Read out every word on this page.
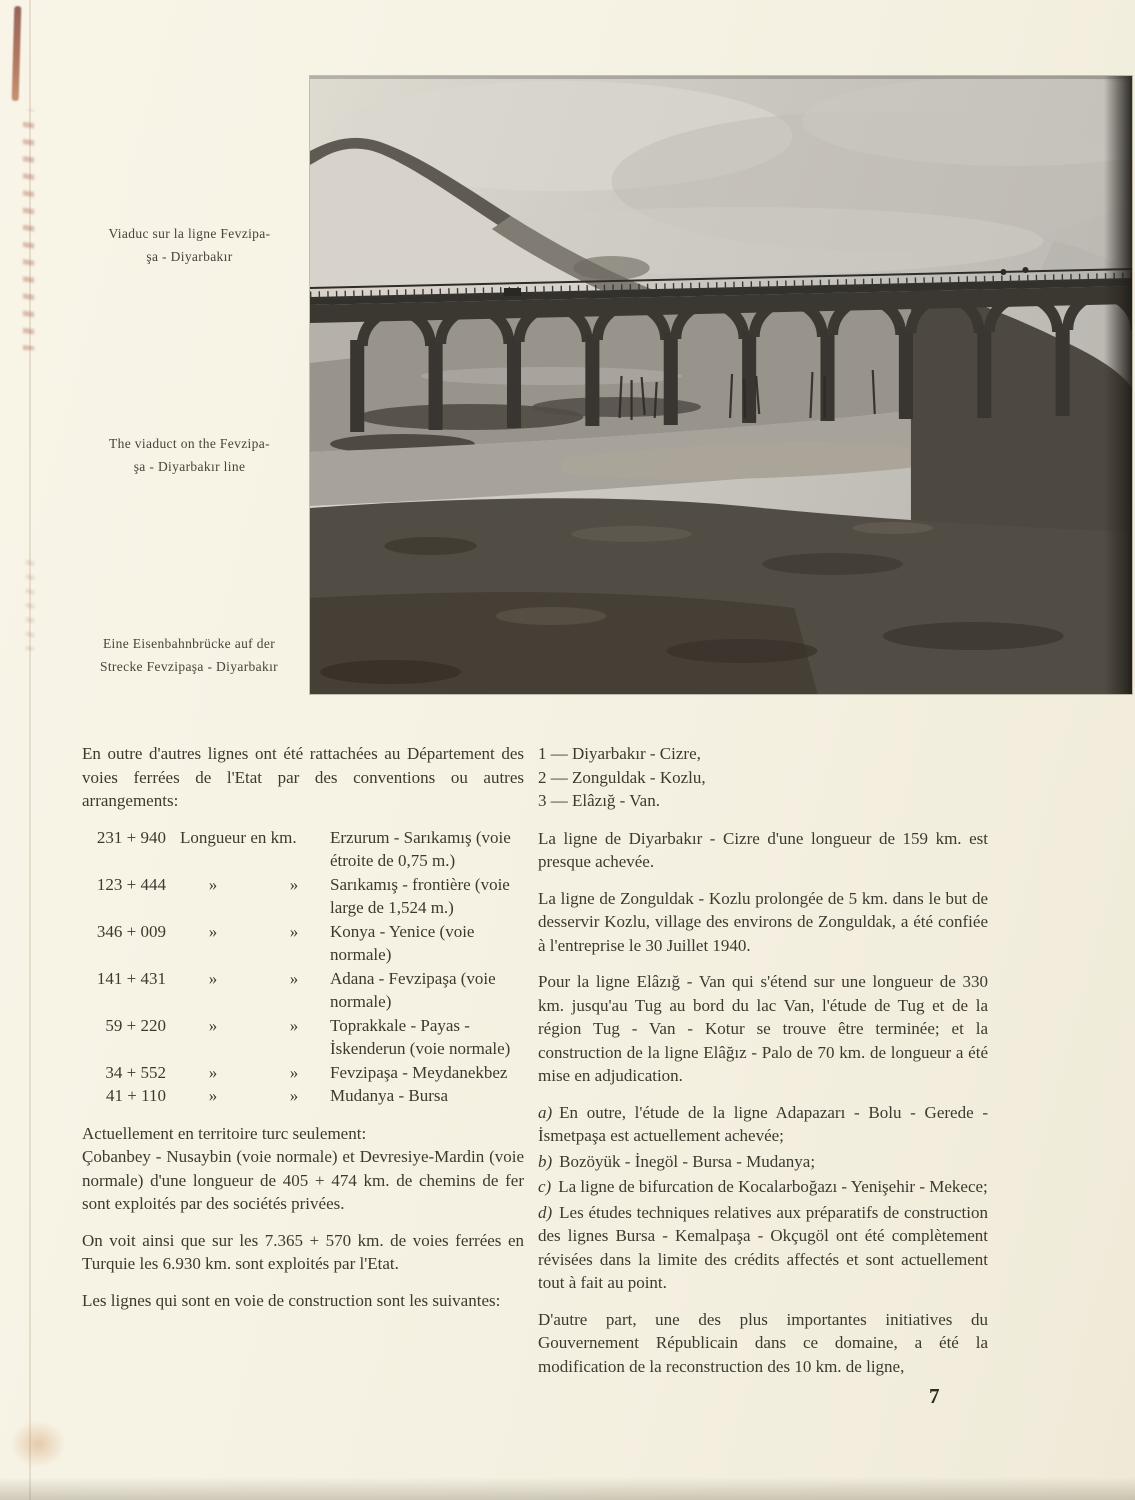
Viaduc sur la ligne Fevzipa-
şa - Diyarbakır
The viaduct on the Fevzipa-
şa - Diyarbakır line
Eine Eisenbahnbrücke auf der
Strecke Fevzipaşa - Diyarbakır

En outre d'autres lignes ont été rattachées au Département des voies ferrées de l'Etat par des conventions ou autres arrangements:

231 + 940 Longueur en km.	Erzurum - Sarıkamış (voie étroite de 0,75 m.)
123 + 444	»	»	Sarıkamış - frontière (voie large de 1,524 m.)
346 + 009	»	»	Konya - Yenice (voie normale)
141 + 431	»	»	Adana - Fevzipaşa (voie normale)
59 + 220	»	»	Toprakkale - Payas - İskenderun (voie normale)
34 + 552	»	»	Fevzipaşa - Meydanekbez
41 + 110	»	»	Mudanya - Bursa

Actuellement en territoire turc seulement:

Çobanbey - Nusaybin (voie normale) et Devresiye-Mardin (voie normale) d'une longueur de 405 + 474 km. de chemins de fer sont exploités par des sociétés privées.

On voit ainsi que sur les 7.365 + 570 km. de voies ferrées en Turquie les 6.930 km. sont exploités par l'Etat.

Les lignes qui sont en voie de construction sont les suivantes:

1 — Diyarbakır - Cizre,
2 — Zonguldak - Kozlu,
3 — Elâzığ - Van.

La ligne de Diyarbakır - Cizre d'une longueur de 159 km. est presque achevée.

La ligne de Zonguldak - Kozlu prolongée de 5 km. dans le but de desservir Kozlu, village des environs de Zonguldak, a été confiée à l'entreprise le 30 Juillet 1940.

Pour la ligne Elâzığ - Van qui s'étend sur une longueur de 330 km. jusqu'au Tug au bord du lac Van, l'étude de Tug et de la région Tug - Van - Kotur se trouve être terminée; et la construction de la ligne Elâğız - Palo de 70 km. de longueur a été mise en adjudication.

a) En outre, l'étude de la ligne Adapazarı - Bolu - Gerede - İsmetpaşa est actuellement achevée;

b) Bozöyük - İnegöl - Bursa - Mudanya;

c) La ligne de bifurcation de Kocalarboğazı - Yenişehir - Mekece;

d) Les études techniques relatives aux préparatifs de construction des lignes Bursa - Kemalpaşa - Okçugöl ont été complètement révisées dans la limite des crédits affectés et sont actuellement tout à fait au point.

D'autre part, une des plus importantes initiatives du Gouvernement Républicain dans ce domaine, a été la modification de la reconstruction des 10 km. de ligne,

7
